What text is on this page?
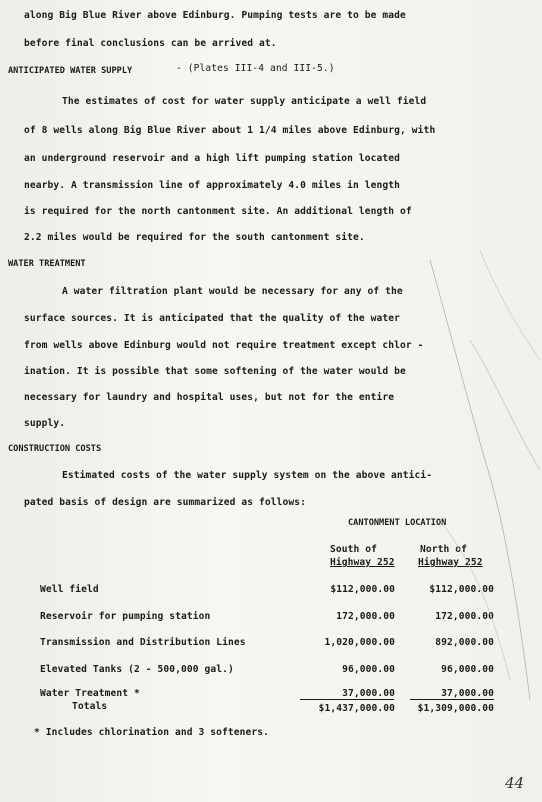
along Big Blue River above Edinburg. Pumping tests are to be made
before final conclusions can be arrived at.
ANTICIPATED WATER SUPPLY	- (Plates III-4 and III-5.)
The estimates of cost for water supply anticipate a well field
of 8 wells along Big Blue River about 1 1/4 miles above Edinburg, with
an underground reservoir and a high lift pumping station located
nearby. A transmission line of approximately 4.0 miles in length
is required for the north cantonment site. An additional length of
2.2 miles would be required for the south cantonment site.
WATER TREATMENT
A water filtration plant would be necessary for any of the
surface sources. It is anticipated that the quality of the water
from wells above Edinburg would not require treatment except chlor -
ination. It is possible that some softening of the water would be
necessary for laundry and hospital uses, but not for the entire
supply.
CONSTRUCTION COSTS
Estimated costs of the water supply system on the above antici-
pated basis of design are summarized as follows:
CANTONMENT LOCATION
South of
Highway 252
North of
Highway 252
Well field	$112,000.00	$112,000.00
Reservoir for pumping station	172,000.00	172,000.00
Transmission and Distribution Lines	1,020,000.00	892,000.00
Elevated Tanks (2 - 500,000 gal.)	96,000.00	96,000.00
Water Treatment *	37,000.00	37,000.00
Totals	$1,437,000.00 $1,309,000.00
* Includes chlorination and 3 softeners.
44
